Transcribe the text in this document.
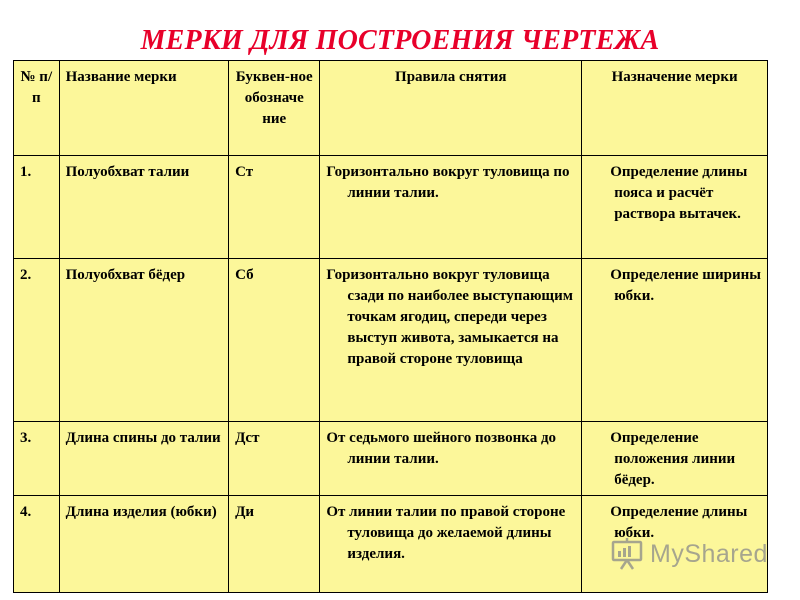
МЕРКИ ДЛЯ ПОСТРОЕНИЯ ЧЕРТЕЖА
№ п/п	Название мерки	Буквен-ное обозначе ние	Правила снятия	Назначение мерки
1.	Полуобхват талии	Ст	Горизонтально вокруг туловища по линии талии.	Определение длины пояса и расчёт раствора вытачек.
2.	Полуобхват бёдер	Сб	Горизонтально вокруг туловища сзади по наиболее выступающим точкам ягодиц, спереди через выступ живота, замыкается на правой стороне туловища	Определение ширины юбки.
3.	Длина спины до талии	Дст	От седьмого шейного позвонка до линии талии.	Определение положения линии бёдер.
4.	Длина изделия (юбки)	Ди	От линии талии по правой стороне туловища до желаемой длины изделия.	Определение длины юбки.
MyShared
